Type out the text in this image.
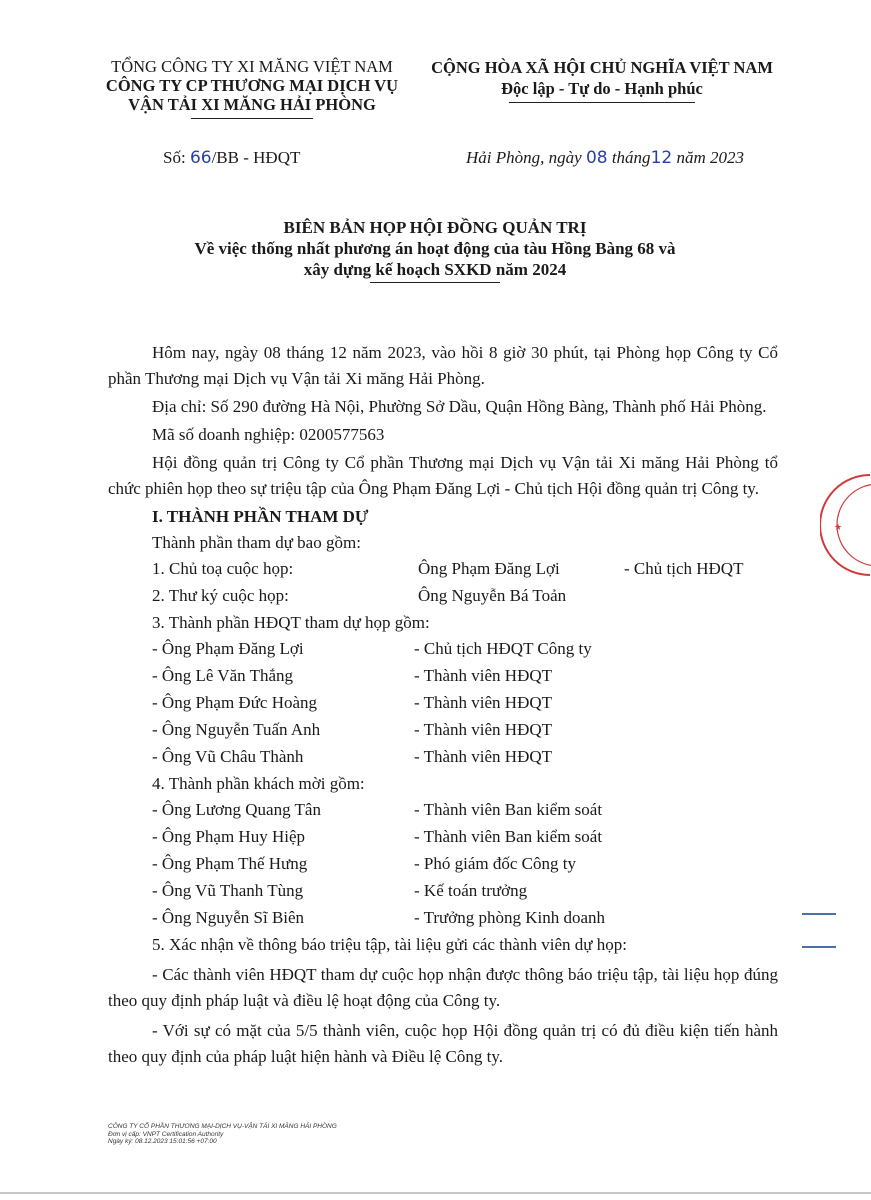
TỔNG CÔNG TY XI MĂNG VIỆT NAM
CÔNG TY CP THƯƠNG MẠI DỊCH VỤ
VẬN TẢI XI MĂNG HẢI PHÒNG
CỘNG HÒA XÃ HỘI CHỦ NGHĨA VIỆT NAM
Độc lập - Tự do - Hạnh phúc
Số: 66/BB - HĐQT	Hải Phòng, ngày 08 tháng12 năm 2023
BIÊN BẢN HỌP HỘI ĐỒNG QUẢN TRỊ
Về việc thống nhất phương án hoạt động của tàu Hồng Bàng 68 và
xây dựng kế hoạch SXKD năm 2024

Hôm nay, ngày 08 tháng 12 năm 2023, vào hồi 8 giờ 30 phút, tại Phòng họp Công ty Cổ phần Thương mại Dịch vụ Vận tải Xi măng Hải Phòng.

Địa chỉ: Số 290 đường Hà Nội, Phường Sở Dầu, Quận Hồng Bàng, Thành phố Hải Phòng.

Mã số doanh nghiệp: 0200577563

Hội đồng quản trị Công ty Cổ phần Thương mại Dịch vụ Vận tải Xi măng Hải Phòng tổ chức phiên họp theo sự triệu tập của Ông Phạm Đăng Lợi - Chủ tịch Hội đồng quản trị Công ty.

I. THÀNH PHẦN THAM DỰ
Thành phần tham dự bao gồm:
1. Chủ toạ cuộc họp:	Ông Phạm Đăng Lợi	- Chủ tịch HĐQT
2. Thư ký cuộc họp:	Ông Nguyễn Bá Toản
3. Thành phần HĐQT tham dự họp gồm:
- Ông Phạm Đăng Lợi	- Chủ tịch HĐQT Công ty
- Ông Lê Văn Thắng	- Thành viên HĐQT
- Ông Phạm Đức Hoàng	- Thành viên HĐQT
- Ông Nguyễn Tuấn Anh	- Thành viên HĐQT
- Ông Vũ Châu Thành	- Thành viên HĐQT
4. Thành phần khách mời gồm:
- Ông Lương Quang Tân	- Thành viên Ban kiểm soát
- Ông Phạm Huy Hiệp	- Thành viên Ban kiểm soát
- Ông Phạm Thế Hưng	- Phó giám đốc Công ty
- Ông Vũ Thanh Tùng	- Kế toán trưởng
- Ông Nguyễn Sĩ Biên	- Trưởng phòng Kinh doanh
5. Xác nhận về thông báo triệu tập, tài liệu gửi các thành viên dự họp:

- Các thành viên HĐQT tham dự cuộc họp nhận được thông báo triệu tập, tài liệu họp đúng theo quy định pháp luật và điều lệ hoạt động của Công ty.

- Với sự có mặt của 5/5 thành viên, cuộc họp Hội đồng quản trị có đủ điều kiện tiến hành theo quy định của pháp luật hiện hành và Điều lệ Công ty.

CÔNG TY CỔ PHẦN THƯƠNG MẠI-DỊCH VỤ-VẬN TẢI XI MĂNG HẢI PHÒNG
Đơn vị cấp: VNPT Certification Authority
Ngày ký: 08.12.2023 15:01:56 +07:00
★
